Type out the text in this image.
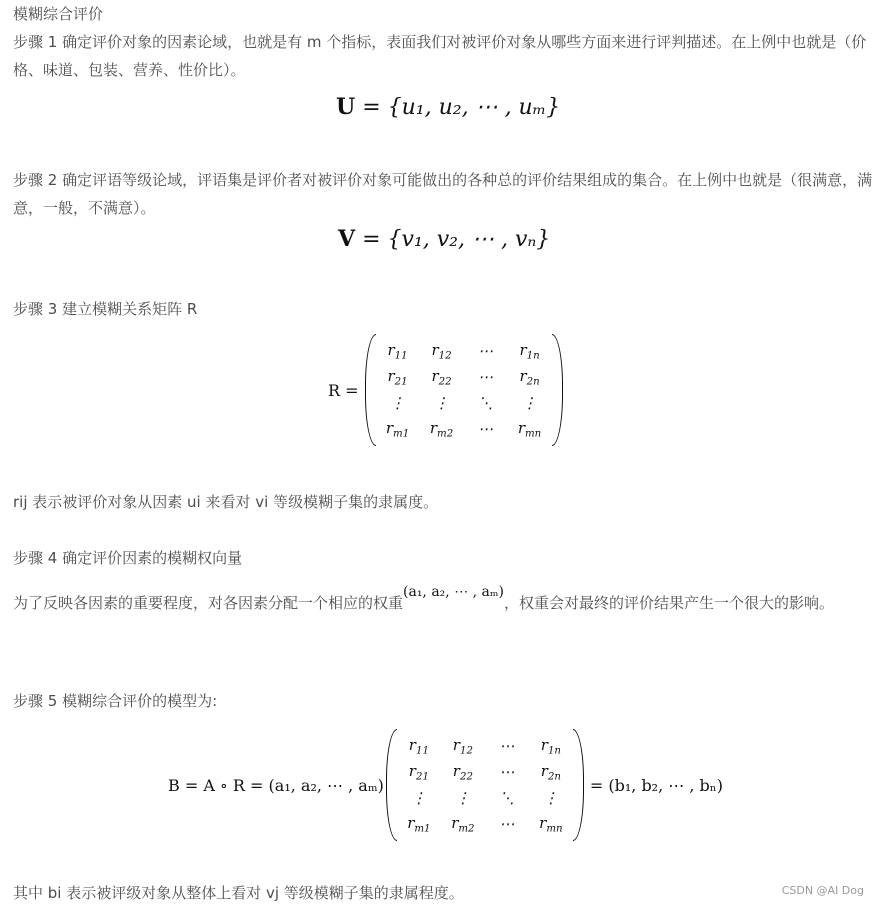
模糊综合评价
步骤 1 确定评价对象的因素论域，也就是有 m 个指标，表面我们对被评价对象从哪些方面来进行评判描述。在上例中也就是（价格、味道、包装、营养、性价比）。
U = {u₁, u₂, ⋯ , uₘ}
步骤 2 确定评语等级论域，评语集是评价者对被评价对象可能做出的各种总的评价结果组成的集合。在上例中也就是（很满意，满意，一般，不满意）。
V = {v₁, v₂, ⋯ , vₙ}
步骤 3 建立模糊关系矩阵 R
R =
$r_{11}$ $r_{12}$ ⋯ $r_{1n}$
$r_{21}$ $r_{22}$ ⋯ $r_{2n}$
⋮ ⋮ ⋱ ⋮
$r_{m1}$ $r_{m2}$ ⋯ $r_{mn}$
rij 表示被评价对象从因素 ui 来看对 vi 等级模糊子集的隶属度。
步骤 4 确定评价因素的模糊权向量
为了反映各因素的重要程度，对各因素分配一个相应的权重(a₁, a₂, ⋯ , aₘ)，权重会对最终的评价结果产生一个很大的影响。
步骤 5 模糊综合评价的模型为:
B = A ∘ R = (a₁, a₂, ⋯ , aₘ)
$r_{11}$ $r_{12}$ ⋯ $r_{1n}$
$r_{21}$ $r_{22}$ ⋯ $r_{2n}$
⋮ ⋮ ⋱ ⋮
$r_{m1}$ $r_{m2}$ ⋯ $r_{mn}$
= (b₁, b₂, ⋯ , bₙ)
其中 bi 表示被评级对象从整体上看对 vj 等级模糊子集的隶属程度。	CSDN @AI Dog
